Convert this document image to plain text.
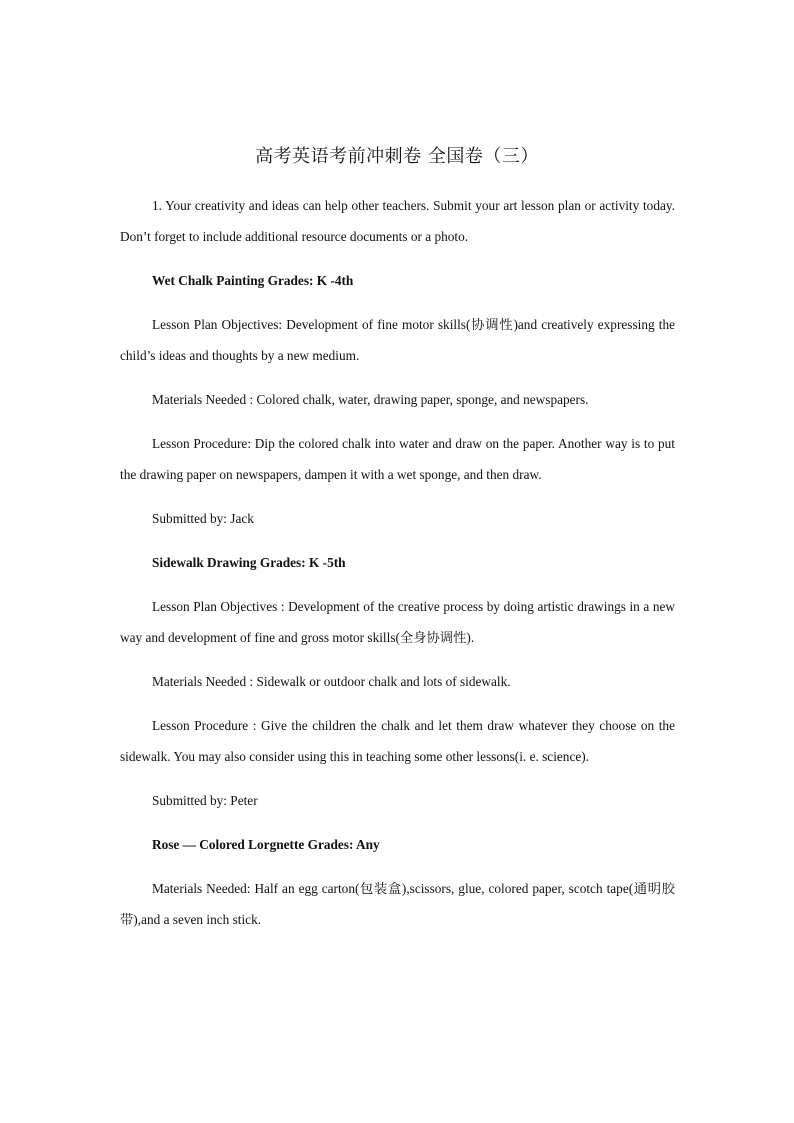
高考英语考前冲刺卷 全国卷（三）

1. Your creativity and ideas can help other teachers. Submit your art lesson plan or activity today. Don’t forget to include additional resource documents or a photo.

Wet Chalk Painting Grades: K -4th

Lesson Plan Objectives: Development of fine motor skills(协调性)and creatively expressing the child’s ideas and thoughts by a new medium.

Materials Needed : Colored chalk, water, drawing paper, sponge, and newspapers.

Lesson Procedure: Dip the colored chalk into water and draw on the paper. Another way is to put the drawing paper on newspapers, dampen it with a wet sponge, and then draw.

Submitted by: Jack

Sidewalk Drawing Grades: K -5th

Lesson Plan Objectives : Development of the creative process by doing artistic drawings in a new way and development of fine and gross motor skills(全身协调性).

Materials Needed : Sidewalk or outdoor chalk and lots of sidewalk.

Lesson Procedure : Give the children the chalk and let them draw whatever they choose on the sidewalk. You may also consider using this in teaching some other lessons(i. e. science).

Submitted by: Peter

Rose — Colored Lorgnette Grades: Any

Materials Needed: Half an egg carton(包装盒),scissors, glue, colored paper, scotch tape(通明胶带),and a seven inch stick.
